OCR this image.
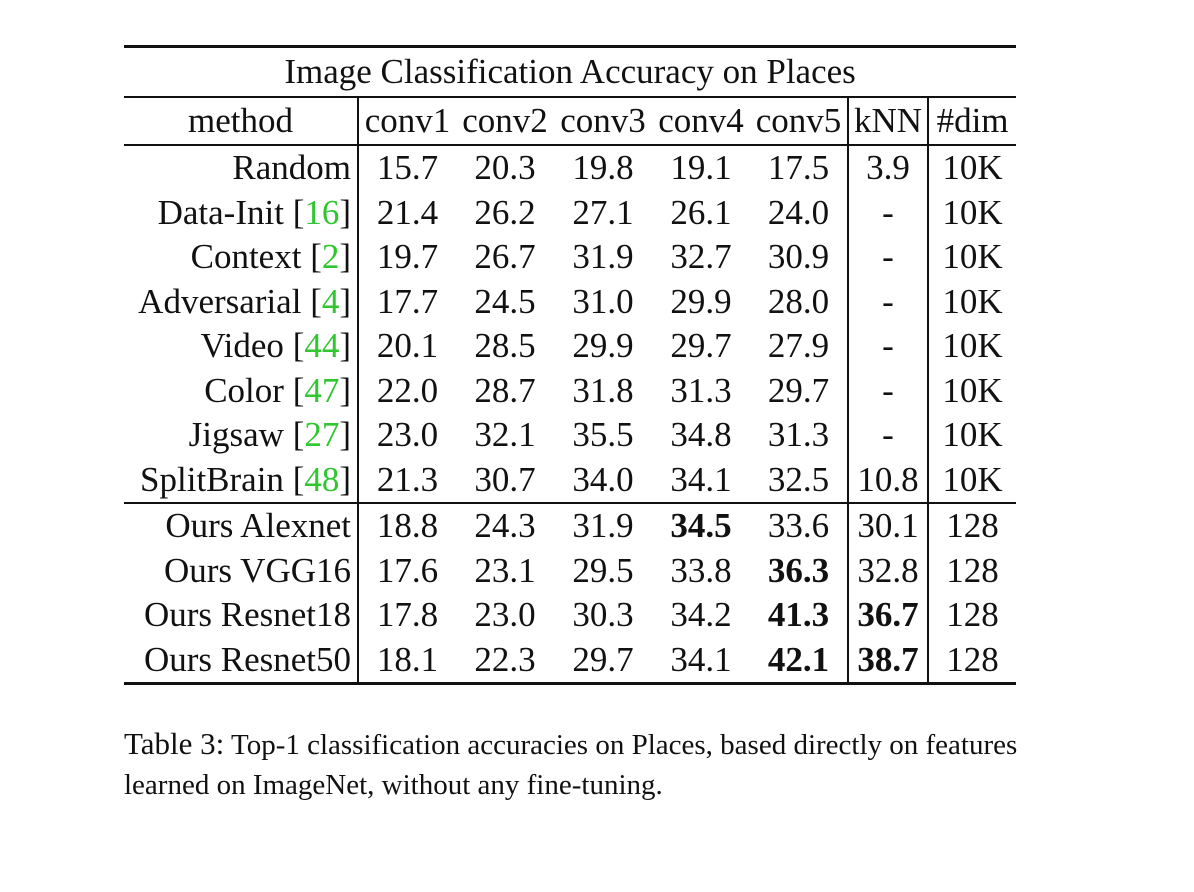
Image Classification Accuracy on Places							
method	conv1	conv2	conv3	conv4	conv5	kNN	#dim
Random	15.7	20.3	19.8	19.1	17.5	3.9	10K
Data-Init [16]	21.4	26.2	27.1	26.1	24.0	-	10K
Context [2]	19.7	26.7	31.9	32.7	30.9	-	10K
Adversarial [4]	17.7	24.5	31.0	29.9	28.0	-	10K
Video [44]	20.1	28.5	29.9	29.7	27.9	-	10K
Color [47]	22.0	28.7	31.8	31.3	29.7	-	10K
Jigsaw [27]	23.0	32.1	35.5	34.8	31.3	-	10K
SplitBrain [48]	21.3	30.7	34.0	34.1	32.5	10.8	10K
Ours Alexnet	18.8	24.3	31.9	34.5	33.6	30.1	128
Ours VGG16	17.6	23.1	29.5	33.8	36.3	32.8	128
Ours Resnet18	17.8	23.0	30.3	34.2	41.3	36.7	128
Ours Resnet50	18.1	22.3	29.7	34.1	42.1	38.7	128
Table 3: Top-1 classification accuracies on Places, based directly on features learned on ImageNet, without any fine-tuning.
